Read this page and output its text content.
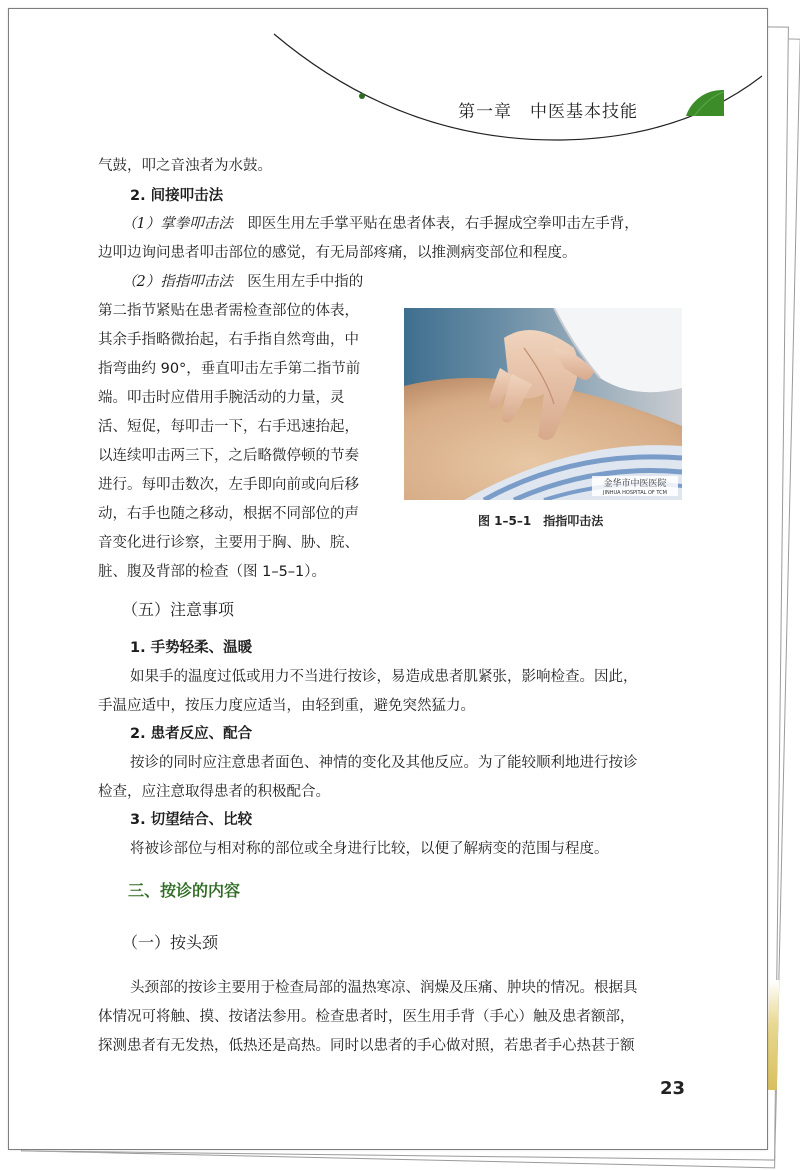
第一章　中医基本技能
气鼓，叩之音浊者为水鼓。
2. 间接叩击法
（1）掌拳叩击法　 即医生用左手掌平贴在患者体表，右手握成空拳叩击左手背，
边叩边询问患者叩击部位的感觉，有无局部疼痛，以推测病变部位和程度。
（2）指指叩击法　 医生用左手中指的
第二指节紧贴在患者需检查部位的体表，
其余手指略微抬起，右手指自然弯曲，中
指弯曲约 90°，垂直叩击左手第二指节前
端。叩击时应借用手腕活动的力量，灵
活、短促，每叩击一下，右手迅速抬起，
以连续叩击两三下，之后略微停顿的节奏
进行。每叩击数次，左手即向前或向后移
动，右手也随之移动，根据不同部位的声
音变化进行诊察，主要用于胸、胁、脘、
脏、腹及背部的检查（图 1–5–1）。
金华市中医医院
JINHUA HOSPITAL OF TCM
图 1–5–1　指指叩击法
（五）注意事项
1. 手势轻柔、温暖
如果手的温度过低或用力不当进行按诊，易造成患者肌紧张，影响检查。因此，
手温应适中，按压力度应适当，由轻到重，避免突然猛力。
2. 患者反应、配合
按诊的同时应注意患者面色、神情的变化及其他反应。为了能较顺利地进行按诊
检查，应注意取得患者的积极配合。
3. 切望结合、比较
将被诊部位与相对称的部位或全身进行比较，以便了解病变的范围与程度。
三、按诊的内容
（一）按头颈
头颈部的按诊主要用于检查局部的温热寒凉、润燥及压痛、肿块的情况。根据具
体情况可将触、摸、按诸法参用。检查患者时，医生用手背（手心）触及患者额部，
探测患者有无发热，低热还是高热。同时以患者的手心做对照，若患者手心热甚于额
23
